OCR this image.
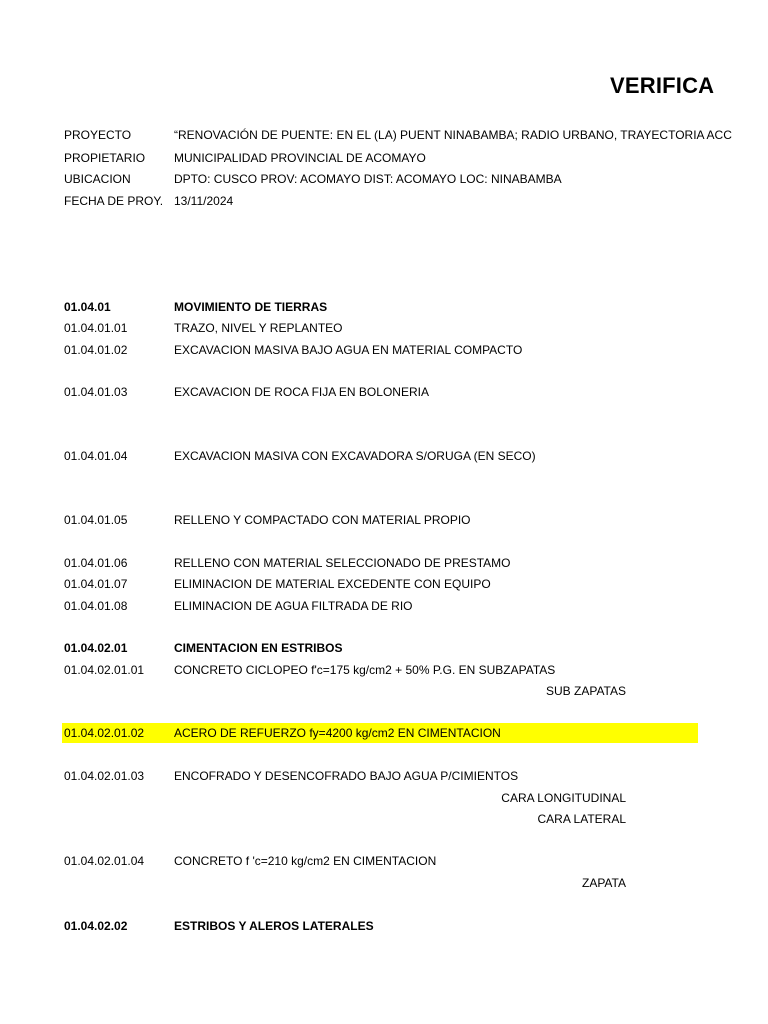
VERIFICA
PROYECTO	“RENOVACIÓN DE PUENTE: EN EL (LA) PUENT NINABAMBA; RADIO URBANO, TRAYECTORIA ACC
PROPIETARIO MUNICIPALIDAD PROVINCIAL DE ACOMAYO
UBICACION	DPTO: CUSCO PROV: ACOMAYO DIST: ACOMAYO LOC: NINABAMBA
FECHA DE PROY. 13/11/2024
01.04.01	MOVIMIENTO DE TIERRAS
01.04.01.01	TRAZO, NIVEL Y REPLANTEO
01.04.01.02	EXCAVACION MASIVA BAJO AGUA EN MATERIAL COMPACTO
01.04.01.03	EXCAVACION DE ROCA FIJA EN BOLONERIA
01.04.01.04	EXCAVACION MASIVA CON EXCAVADORA S/ORUGA (EN SECO)
01.04.01.05	RELLENO Y COMPACTADO CON MATERIAL PROPIO
01.04.01.06	RELLENO CON MATERIAL SELECCIONADO DE PRESTAMO
01.04.01.07	ELIMINACION DE MATERIAL EXCEDENTE CON EQUIPO
01.04.01.08	ELIMINACION DE AGUA FILTRADA DE RIO
01.04.02.01	CIMENTACION EN ESTRIBOS
01.04.02.01.01 CONCRETO CICLOPEO f'c=175 kg/cm2 + 50% P.G. EN SUBZAPATAS
SUB ZAPATAS
01.04.02.01.02 ACERO DE REFUERZO fy=4200 kg/cm2 EN CIMENTACION
01.04.02.01.03 ENCOFRADO Y DESENCOFRADO BAJO AGUA P/CIMIENTOS
CARA LONGITUDINAL
CARA LATERAL
01.04.02.01.04 CONCRETO f 'c=210 kg/cm2 EN CIMENTACION
ZAPATA
01.04.02.02	ESTRIBOS Y ALEROS LATERALES
